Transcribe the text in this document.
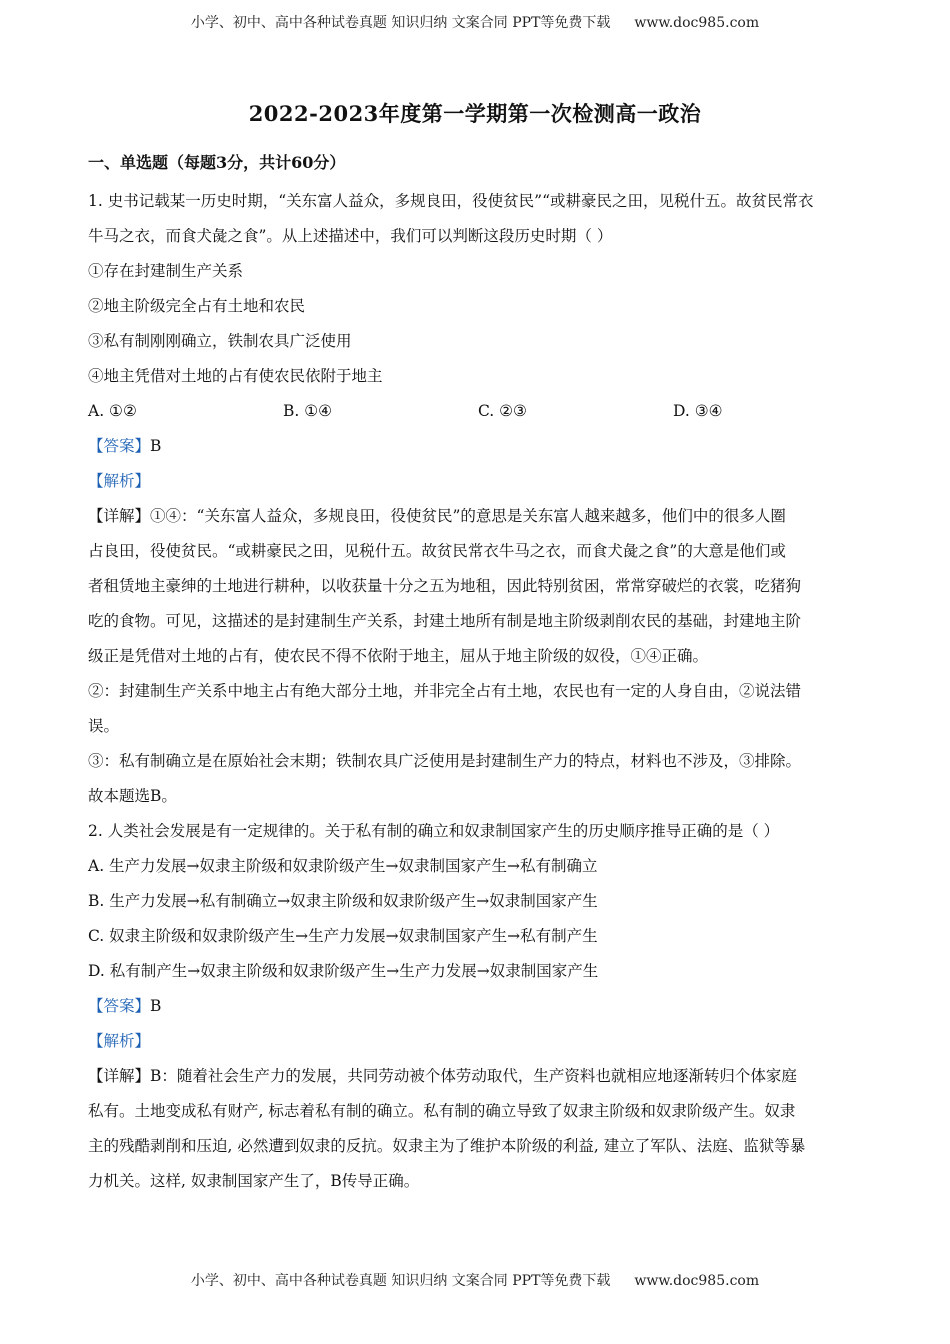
小学、初中、高中各种试卷真题 知识归纳 文案合同 PPT等免费下载 www.doc985.com
2022-2023年度第一学期第一次检测高一政治
一、单选题（每题3分，共计60分）

1. 史书记载某一历史时期，“关东富人益众，多规良田，役使贫民”“或耕豪民之田，见税什五。故贫民常衣

牛马之衣，而食犬彘之食”。从上述描述中，我们可以判断这段历史时期（ ）

①存在封建制生产关系

②地主阶级完全占有土地和农民

③私有制刚刚确立，铁制农具广泛使用

④地主凭借对土地的占有使农民依附于地主

A. ①②	B. ①④	C. ②③	D. ③④

【答案】B

【解析】

【详解】①④：“关东富人益众，多规良田，役使贫民”的意思是关东富人越来越多，他们中的很多人圈

占良田，役使贫民。“或耕豪民之田，见税什五。故贫民常衣牛马之衣，而食犬彘之食”的大意是他们或

者租赁地主豪绅的土地进行耕种，以收获量十分之五为地租，因此特别贫困，常常穿破烂的衣裳，吃猪狗

吃的食物。可见，这描述的是封建制生产关系，封建土地所有制是地主阶级剥削农民的基础，封建地主阶

级正是凭借对土地的占有，使农民不得不依附于地主，屈从于地主阶级的奴役，①④正确。

②：封建制生产关系中地主占有绝大部分土地，并非完全占有土地，农民也有一定的人身自由，②说法错

误。

③：私有制确立是在原始社会末期；铁制农具广泛使用是封建制生产力的特点，材料也不涉及，③排除。

故本题选B。

2. 人类社会发展是有一定规律的。关于私有制的确立和奴隶制国家产生的历史顺序推导正确的是（ ）

A. 生产力发展→奴隶主阶级和奴隶阶级产生→奴隶制国家产生→私有制确立

B. 生产力发展→私有制确立→奴隶主阶级和奴隶阶级产生→奴隶制国家产生

C. 奴隶主阶级和奴隶阶级产生→生产力发展→奴隶制国家产生→私有制产生

D. 私有制产生→奴隶主阶级和奴隶阶级产生→生产力发展→奴隶制国家产生

【答案】B

【解析】

【详解】B：随着社会生产力的发展，共同劳动被个体劳动取代，生产资料也就相应地逐渐转归个体家庭

私有。土地变成私有财产, 标志着私有制的确立。私有制的确立导致了奴隶主阶级和奴隶阶级产生。奴隶

主的残酷剥削和压迫, 必然遭到奴隶的反抗。奴隶主为了维护本阶级的利益, 建立了军队、法庭、监狱等暴

力机关。这样, 奴隶制国家产生了，B传导正确。

小学、初中、高中各种试卷真题 知识归纳 文案合同 PPT等免费下载 www.doc985.com
